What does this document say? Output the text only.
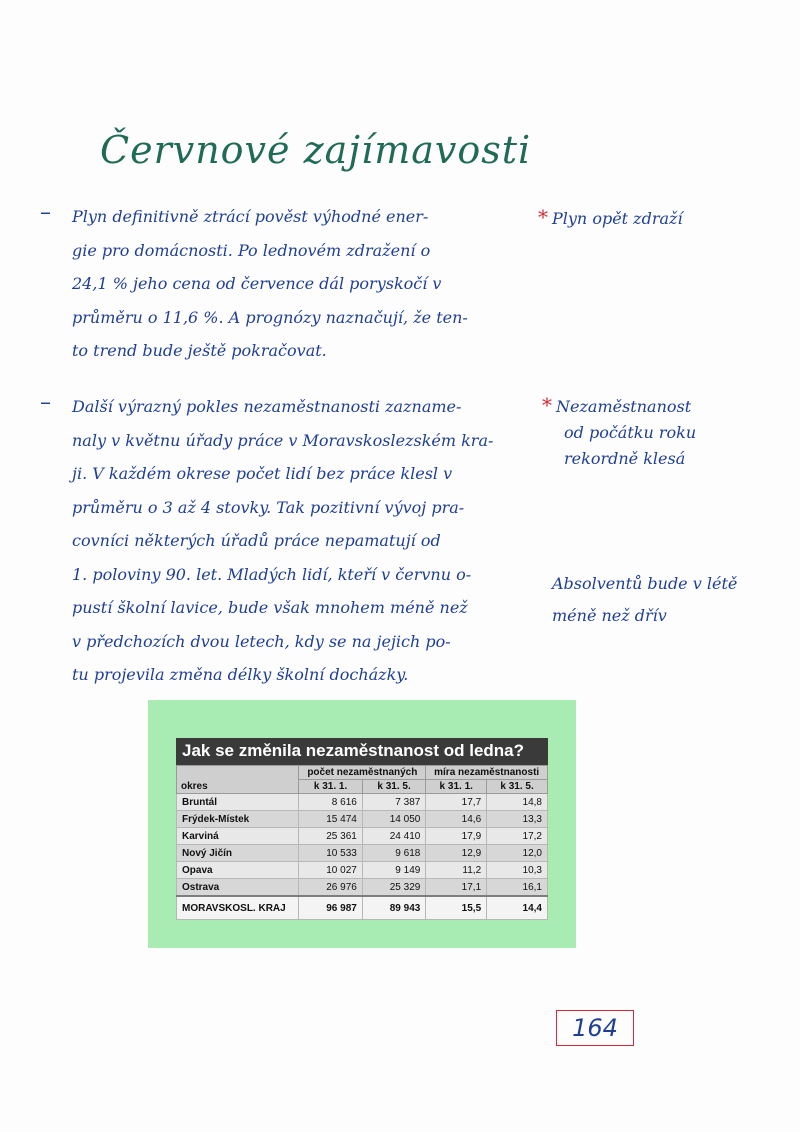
Červnové zajímavosti
– Plyn definitivně ztrácí pověst výhodné ener-
gie pro domácnosti. Po lednovém zdražení o
24,1 % jeho cena od července dál poryskočí v
průměru o 11,6 %. A prognózy naznačují, že ten-
to trend bude ještě pokračovat.
* Plyn opět zdraží
– Další výrazný pokles nezaměstnanosti zazname-
naly v květnu úřady práce v Moravskoslezském kra-
ji. V každém okrese počet lidí bez práce klesl v
průměru o 3 až 4 stovky. Tak pozitivní vývoj pra-
covníci některých úřadů práce nepamatují od
1. poloviny 90. let. Mladých lidí, kteří v červnu o-
pustí školní lavice, bude však mnohem méně než
v předchozích dvou letech, kdy se na jejich po-
tu projevila změna délky školní docházky.
* Nezaměstnanost
od počátku roku
rekordně klesá
Absolventů bude v létě
méně než dřív
Jak se změnila nezaměstnanost od ledna?
okres	počet nezaměstnaných		míra nezaměstnanosti	
	k 31. 1.	k 31. 5.	k 31. 1.	k 31. 5.
Bruntál	8 616	7 387	17,7	14,8
Frýdek-Místek	15 474	14 050	14,6	13,3
Karviná	25 361	24 410	17,9	17,2
Nový Jičín	10 533	9 618	12,9	12,0
Opava	10 027	9 149	11,2	10,3
Ostrava	26 976	25 329	17,1	16,1
MORAVSKOSL. KRAJ	96 987	89 943	15,5	14,4
164
